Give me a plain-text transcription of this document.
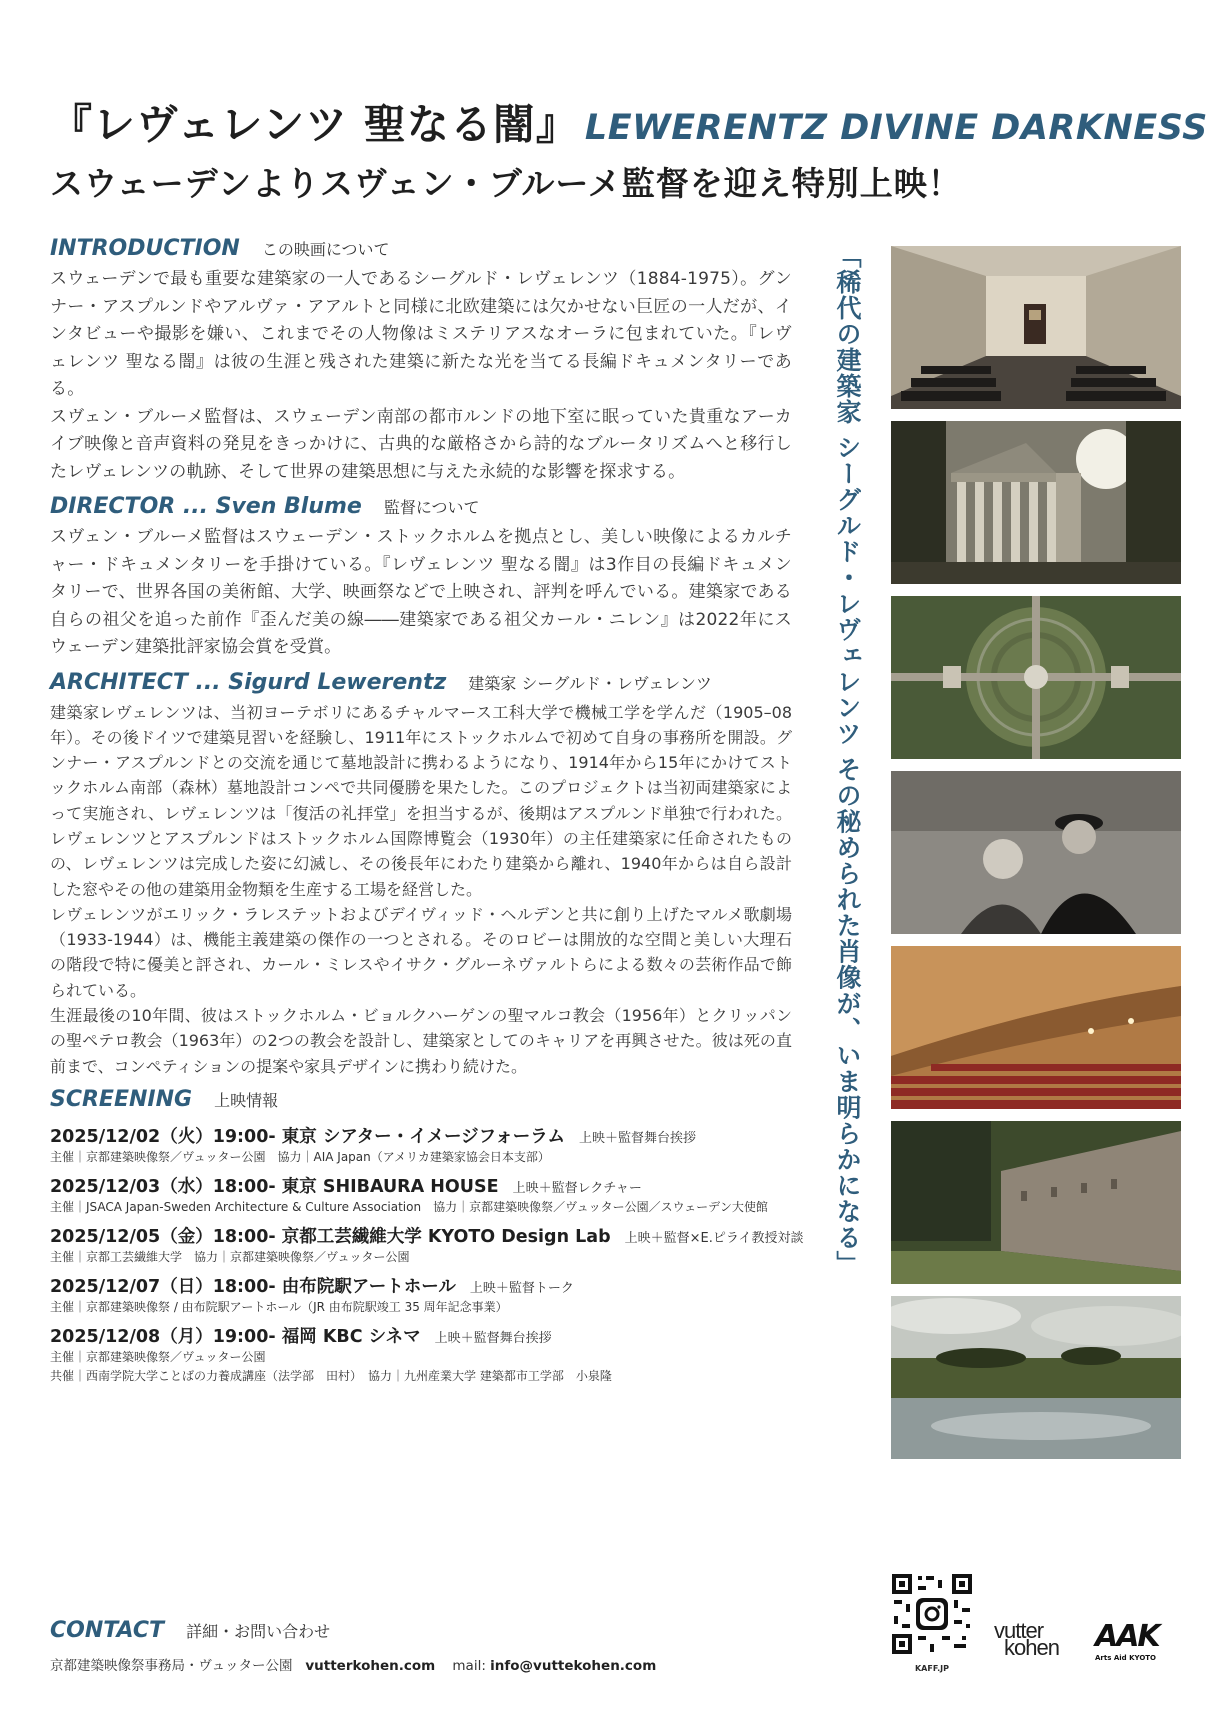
『レヴェレンツ 聖なる闇』 LEWERENTZ DIVINE DARKNESS
スウェーデンよりスヴェン・ブルーメ監督を迎え特別上映！
INTRODUCTION この映画について

スウェーデンで最も重要な建築家の一人であるシーグルド・レヴェレンツ（1884-1975）。グンナー・アスプルンドやアルヴァ・アアルトと同様に北欧建築には欠かせない巨匠の一人だが、インタビューや撮影を嫌い、これまでその人物像はミステリアスなオーラに包まれていた。『レヴェレンツ 聖なる闇』は彼の生涯と残された建築に新たな光を当てる長編ドキュメンタリーである。

スヴェン・ブルーメ監督は、スウェーデン南部の都市ルンドの地下室に眠っていた貴重なアーカイブ映像と音声資料の発見をきっかけに、古典的な厳格さから詩的なブルータリズムへと移行したレヴェレンツの軌跡、そして世界の建築思想に与えた永続的な影響を探求する。

DIRECTOR ... Sven Blume 監督について

スヴェン・ブルーメ監督はスウェーデン・ストックホルムを拠点とし、美しい映像によるカルチャー・ドキュメンタリーを手掛けている。『レヴェレンツ 聖なる闇』は3作目の長編ドキュメンタリーで、世界各国の美術館、大学、映画祭などで上映され、評判を呼んでいる。建築家である自らの祖父を追った前作『歪んだ美の線――建築家である祖父カール・ニレン』は2022年にスウェーデン建築批評家協会賞を受賞。

ARCHITECT ... Sigurd Lewerentz 建築家 シーグルド・レヴェレンツ

建築家レヴェレンツは、当初ヨーテボリにあるチャルマース工科大学で機械工学を学んだ（1905–08年）。その後ドイツで建築見習いを経験し、1911年にストックホルムで初めて自身の事務所を開設。グンナー・アスプルンドとの交流を通じて墓地設計に携わるようになり、1914年から15年にかけてストックホルム南部（森林）墓地設計コンペで共同優勝を果たした。このプロジェクトは当初両建築家によって実施され、レヴェレンツは「復活の礼拝堂」を担当するが、後期はアスプルンド単独で行われた。レヴェレンツとアスプルンドはストックホルム国際博覧会（1930年）の主任建築家に任命されたものの、レヴェレンツは完成した姿に幻滅し、その後長年にわたり建築から離れ、1940年からは自ら設計した窓やその他の建築用金物類を生産する工場を経営した。

レヴェレンツがエリック・ラレステットおよびデイヴィッド・ヘルデンと共に創り上げたマルメ歌劇場（1933-1944）は、機能主義建築の傑作の一つとされる。そのロビーは開放的な空間と美しい大理石の階段で特に優美と評され、カール・ミレスやイサク・グルーネヴァルトらによる数々の芸術作品で飾られている。

生涯最後の10年間、彼はストックホルム・ビョルクハーゲンの聖マルコ教会（1956年）とクリッパンの聖ペテロ教会（1963年）の2つの教会を設計し、建築家としてのキャリアを再興させた。彼は死の直前まで、コンペティションの提案や家具デザインに携わり続けた。

SCREENING 上映情報
2025/12/02（火）19:00- 東京 シアター・イメージフォーラム 上映＋監督舞台挨拶
主催｜京都建築映像祭／ヴュッター公園　協力｜AIA Japan（アメリカ建築家協会日本支部）
2025/12/03（水）18:00- 東京 SHIBAURA HOUSE 上映＋監督レクチャー
主催｜JSACA Japan-Sweden Architecture & Culture Association　協力｜京都建築映像祭／ヴュッター公園／スウェーデン大使館
2025/12/05（金）18:00- 京都工芸繊維大学 KYOTO Design Lab 上映＋監督×E.ピライ教授対談
主催｜京都工芸繊維大学　協力｜京都建築映像祭／ヴュッター公園
2025/12/07（日）18:00- 由布院駅アートホール 上映＋監督トーク
主催｜京都建築映像祭 / 由布院駅アートホール（JR 由布院駅竣工 35 周年記念事業）
2025/12/08（月）19:00- 福岡 KBC シネマ 上映＋監督舞台挨拶
主催｜京都建築映像祭／ヴュッター公園
共催｜西南学院大学ことばの力養成講座（法学部　田村）　協力｜九州産業大学 建築都市工学部　小泉隆
CONTACT 詳細・お問い合わせ
京都建築映像祭事務局・ヴュッター公園 vutterkohen.com mail: info@vuttekohen.com
「稀代の建築家 シーグルド・レヴェレンツ その秘められた肖像が、いま明らかになる」
KAFF.JP
vutter
kohen AAK
Arts Aid KYOTO
